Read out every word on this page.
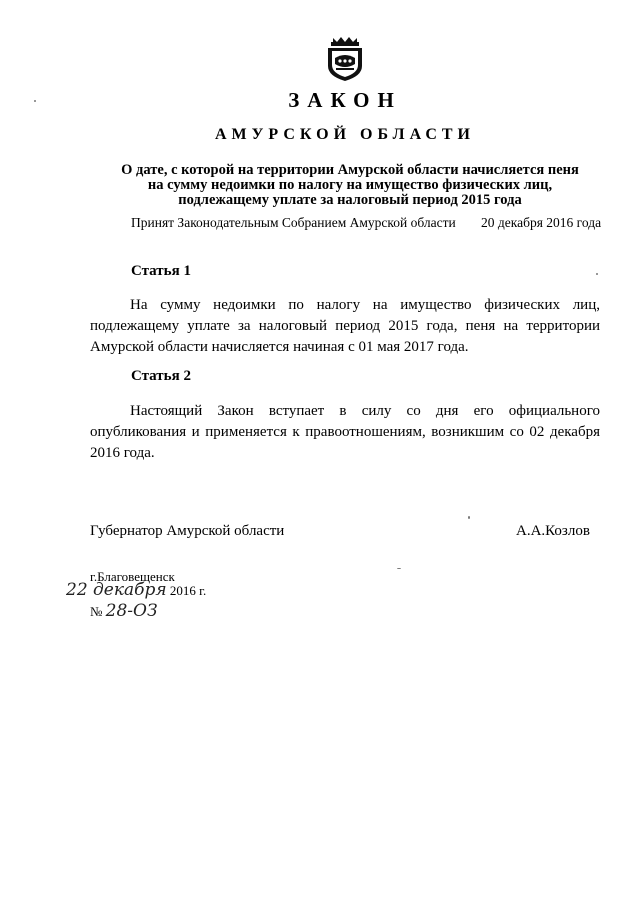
ЗАКОН
АМУРСКОЙ ОБЛАСТИ
О дате, с которой на территории Амурской области начисляется пеня
на сумму недоимки по налогу на имущество физических лиц,
подлежащему уплате за налоговый период 2015 года
Принят Законодательным Собранием Амурской области 20 декабря 2016 года
Статья 1

На сумму недоимки по налогу на имущество физических лиц, подлежащему уплате за налоговый период 2015 года, пеня на территории Амурской области начисляется начиная с 01 мая 2017 года.

Статья 2

Настоящий Закон вступает в силу со дня его официального опубликования и применяется к правоотношениям, возникшим со 02 декабря 2016 года.

Губернатор Амурской области	А.А.Козлов
г.Благовещенск
22 декабря 2016 г.
№ 28-ОЗ
